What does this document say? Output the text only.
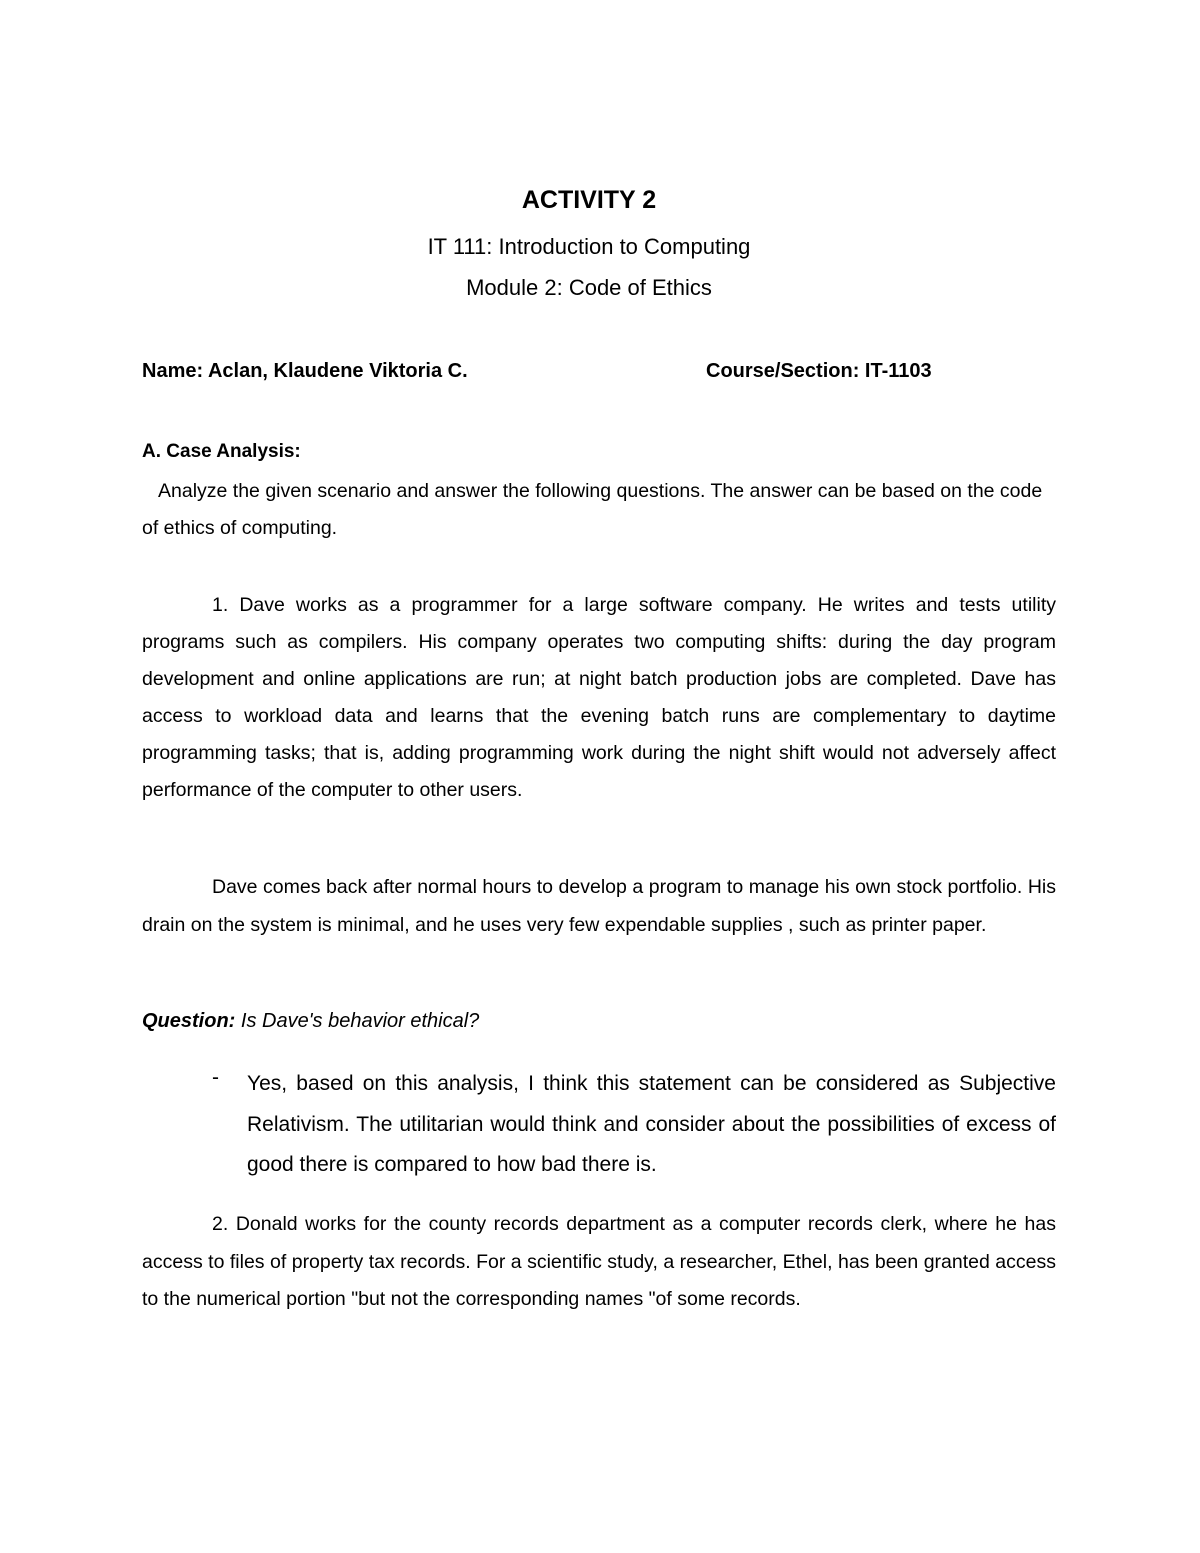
ACTIVITY 2
IT 111: Introduction to Computing
Module 2: Code of Ethics
Name: Aclan, Klaudene Viktoria C.	Course/Section: IT-1103
A. Case Analysis:

Analyze the given scenario and answer the following questions. The answer can be based on the code of ethics of computing.

1. Dave works as a programmer for a large software company. He writes and tests utility programs such as compilers. His company operates two computing shifts: during the day program development and online applications are run; at night batch production jobs are completed. Dave has access to workload data and learns that the evening batch runs are complementary to daytime programming tasks; that is, adding programming work during the night shift would not adversely affect performance of the computer to other users.

Dave comes back after normal hours to develop a program to manage his own stock portfolio. His drain on the system is minimal, and he uses very few expendable supplies , such as printer paper.

Question: Is Dave's behavior ethical?
- Yes, based on this analysis, I think this statement can be considered as Subjective Relativism. The utilitarian would think and consider about the possibilities of excess of good there is compared to how bad there is.

2. Donald works for the county records department as a computer records clerk, where he has access to files of property tax records. For a scientific study, a researcher, Ethel, has been granted access to the numerical portion "but not the corresponding names "of some records.
